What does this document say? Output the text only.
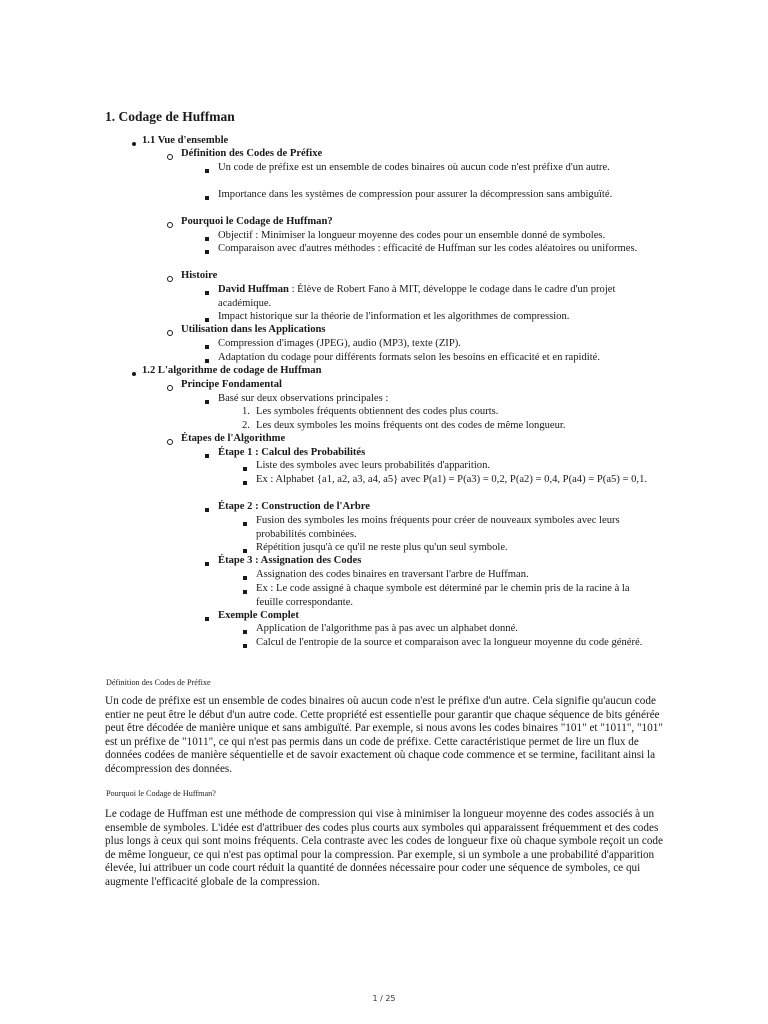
1. Codage de Huffman
1.1 Vue d'ensemble
Définition des Codes de Préfixe
Un code de préfixe est un ensemble de codes binaires où aucun code n'est préfixe d'un autre.
Importance dans les systèmes de compression pour assurer la décompression sans ambiguïté.
Pourquoi le Codage de Huffman?
Objectif : Minimiser la longueur moyenne des codes pour un ensemble donné de symboles.
Comparaison avec d'autres méthodes : efficacité de Huffman sur les codes aléatoires ou uniformes.
Histoire
David Huffman : Élève de Robert Fano à MIT, développe le codage dans le cadre d'un projet académique.
Impact historique sur la théorie de l'information et les algorithmes de compression.
Utilisation dans les Applications
Compression d'images (JPEG), audio (MP3), texte (ZIP).
Adaptation du codage pour différents formats selon les besoins en efficacité et en rapidité.
1.2 L'algorithme de codage de Huffman
Principe Fondamental
Basé sur deux observations principales :
1. Les symboles fréquents obtiennent des codes plus courts.
2. Les deux symboles les moins fréquents ont des codes de même longueur.
Étapes de l'Algorithme
Étape 1 : Calcul des Probabilités
Liste des symboles avec leurs probabilités d'apparition.
Ex : Alphabet {a1, a2, a3, a4, a5} avec P(a1) = P(a3) = 0,2, P(a2) = 0,4, P(a4) = P(a5) = 0,1.
Étape 2 : Construction de l'Arbre
Fusion des symboles les moins fréquents pour créer de nouveaux symboles avec leurs probabilités combinées.
Répétition jusqu'à ce qu'il ne reste plus qu'un seul symbole.
Étape 3 : Assignation des Codes
Assignation des codes binaires en traversant l'arbre de Huffman.
Ex : Le code assigné à chaque symbole est déterminé par le chemin pris de la racine à la feuille correspondante.
Exemple Complet
Application de l'algorithme pas à pas avec un alphabet donné.
Calcul de l'entropie de la source et comparaison avec la longueur moyenne du code généré.
Définition des Codes de Préfixe

Un code de préfixe est un ensemble de codes binaires où aucun code n'est le préfixe d'un autre. Cela signifie qu'aucun code entier ne peut être le début d'un autre code. Cette propriété est essentielle pour garantir que chaque séquence de bits générée peut être décodée de manière unique et sans ambiguïté. Par exemple, si nous avons les codes binaires "101" et "1011", "101" est un préfixe de "1011", ce qui n'est pas permis dans un code de préfixe. Cette caractéristique permet de lire un flux de données codées de manière séquentielle et de savoir exactement où chaque code commence et se termine, facilitant ainsi la décompression des données.

Pourquoi le Codage de Huffman?

Le codage de Huffman est une méthode de compression qui vise à minimiser la longueur moyenne des codes associés à un ensemble de symboles. L'idée est d'attribuer des codes plus courts aux symboles qui apparaissent fréquemment et des codes plus longs à ceux qui sont moins fréquents. Cela contraste avec les codes de longueur fixe où chaque symbole reçoit un code de même longueur, ce qui n'est pas optimal pour la compression. Par exemple, si un symbole a une probabilité d'apparition élevée, lui attribuer un code court réduit la quantité de données nécessaire pour coder une séquence de symboles, ce qui augmente l'efficacité globale de la compression.

1 / 25
